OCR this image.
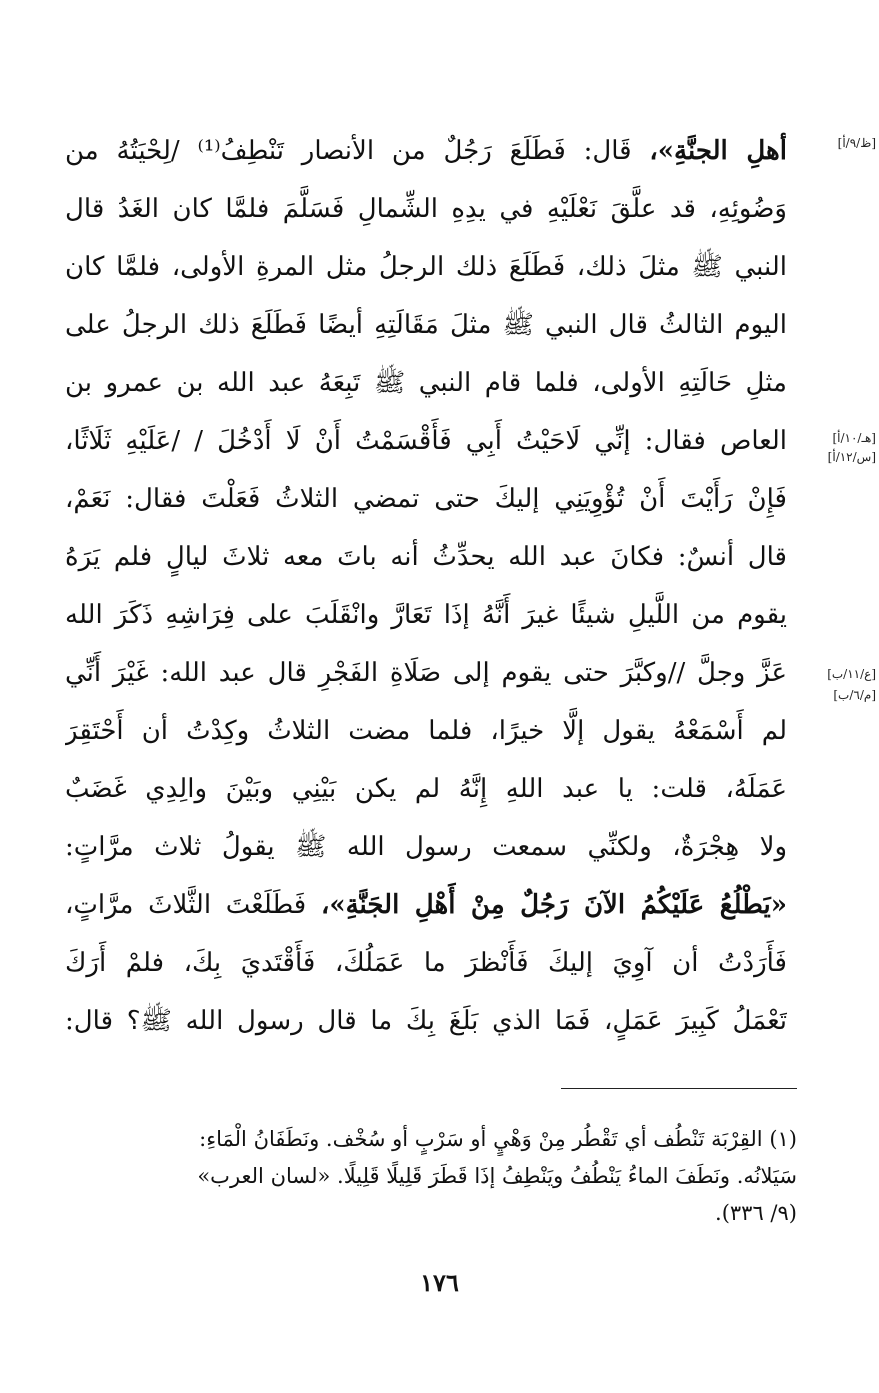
[ظ/٩/أ]
[هـ/١٠/أ]
[س/١٢/أ]
[ع/١١/ب]
[م/٦/ب]
أهلِ الجنَّةِ»، قَال: فَطَلَعَ رَجُلٌ من الأنصار تَنْطِفُ⁽¹⁾ /لِحْيَتُهُ من
وَضُوئِهِ، قد علَّقَ نَعْلَيْهِ في يدِهِ الشِّمالِ فَسَلَّمَ فلمَّا كان الغَدُ قال
النبي ﷺ مثلَ ذلك، فَطَلَعَ ذلك الرجلُ مثل المرةِ الأولى، فلمَّا كان
اليوم الثالثُ قال النبي ﷺ مثلَ مَقَالَتِهِ أيضًا فَطَلَعَ ذلك الرجلُ على
مثلِ حَالَتِهِ الأولى، فلما قام النبي ﷺ تَبِعَهُ عبد الله بن عمرو بن
العاص فقال: إنِّي لَاحَيْتُ أَبِي فَأَقْسَمْتُ أَنْ لَا أَدْخُلَ / /عَلَيْهِ ثَلَاثًا،
فَإِنْ رَأَيْتَ أَنْ تُؤْوِيَنِي إليكَ حتى تمضي الثلاثُ فَعَلْتَ فقال: نَعَمْ،
قال أنسٌ: فكانَ عبد الله يحدِّثُ أنه باتَ معه ثلاثَ ليالٍ فلم يَرَهُ
يقوم من اللَّيلِ شيئًا غيرَ أَنَّهُ إذَا تَعَارَّ وانْقَلَبَ على فِرَاشِهِ ذَكَرَ الله
عَزَّ وجلَّ //وكبَّرَ حتى يقوم إلى صَلَاةِ الفَجْرِ قال عبد الله: غَيْرَ أَنِّي
لم أَسْمَعْهُ يقول إلَّا خيرًا، فلما مضت الثلاثُ وكِدْتُ أن أَحْتَقِرَ
عَمَلَهُ، قلت: يا عبد اللهِ إِنَّهُ لم يكن بَيْنِي وبَيْنَ والِدِي غَضَبٌ
ولا هِجْرَةٌ، ولكنِّي سمعت رسول الله ﷺ يقولُ ثلاث مرَّاتٍ:
«يَطْلُعُ عَلَيْكُمُ الآنَ رَجُلٌ مِنْ أَهْلِ الجَنَّةِ»، فَطَلَعْتَ الثَّلاثَ مرَّاتٍ،
فَأَرَدْتُ أن آوِيَ إليكَ فَأَنْظرَ ما عَمَلُكَ، فَأَقْتَديَ بِكَ، فلمْ أَرَكَ
تَعْمَلُ كَبِيرَ عَمَلٍ، فَمَا الذي بَلَغَ بِكَ ما قال رسول الله ﷺ؟ قال:
(١) القِرْبَة تَنْطُف أي تَقْطُر مِنْ وَهْيٍ أو سَرْبٍ أو سُخْف. ونَطَفَانُ الْمَاءِ:
سَيَلانُه. ونَطَفَ الماءُ يَنْطُفُ ويَنْطِفُ إذَا قَطَرَ قَلِيلًا قَلِيلًا. «لسان العرب»
(٩/ ٣٣٦).
١٧٦
